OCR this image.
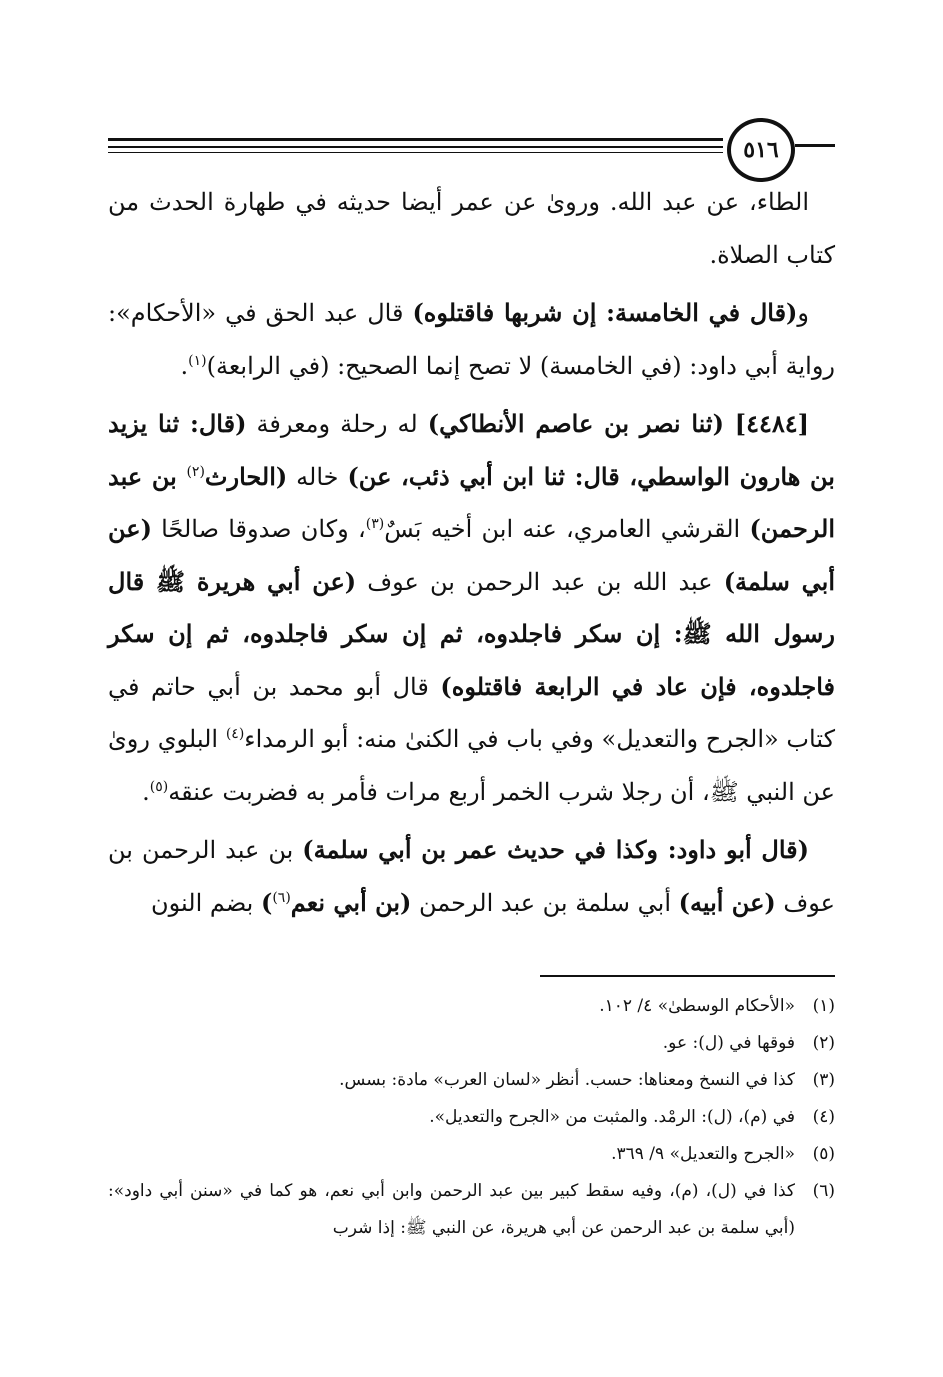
٥١٦

الطاء، عن عبد الله. وروىٰ عن عمر أيضا حديثه في طهارة الحدث من كتاب الصلاة.

و(قال في الخامسة: إن شربها فاقتلوه) قال عبد الحق في «الأحكام»: رواية أبي داود: (في الخامسة) لا تصح إنما الصحيح: (في الرابعة)$^{(١)}$.

[٤٤٨٤] (ثنا نصر بن عاصم الأنطاكي) له رحلة ومعرفة (قال: ثنا يزيد بن هارون الواسطي، قال: ثنا ابن أبي ذئب، عن) خاله (الحارث$^{(٢)}$ بن عبد الرحمن) القرشي العامري، عنه ابن أخيه بَسٌ$^{(٣)}$، وكان صدوقا صالحًا (عن أبي سلمة) عبد الله بن عبد الرحمن بن عوف (عن أبي هريرة ﷺ قال رسول الله ﷺ: إن سكر فاجلدوه، ثم إن سكر فاجلدوه، ثم إن سكر فاجلدوه، فإن عاد في الرابعة فاقتلوه) قال أبو محمد بن أبي حاتم في كتاب «الجرح والتعديل» وفي باب في الكنىٰ منه: أبو الرمداء$^{(٤)}$ البلوي روىٰ عن النبي ﷺ، أن رجلا شرب الخمر أربع مرات فأمر به فضربت عنقه$^{(٥)}$.

(قال أبو داود: وكذا في حديث عمر بن أبي سلمة) بن عبد الرحمن بن عوف (عن أبيه) أبي سلمة بن عبد الرحمن (بن أبي نعم$^{(٦)}$) بضم النون

(١)
«الأحكام الوسطىٰ» ٤/ ١٠٢.
(٢)
فوقها في (ل): عو.
(٣)
كذا في النسخ ومعناها: حسب. أنظر «لسان العرب» مادة: بسس.
(٤)
في (م)، (ل): الرمْد. والمثبت من «الجرح والتعديل».
(٥)
«الجرح والتعديل» ٩/ ٣٦٩.
(٦)
كذا في (ل)، (م)، وفيه سقط كبير بين عبد الرحمن وابن أبي نعم، هو كما في «سنن أبي داود»: (أبي سلمة بن عبد الرحمن عن أبي هريرة، عن النبي ﷺ: إذا شرب
